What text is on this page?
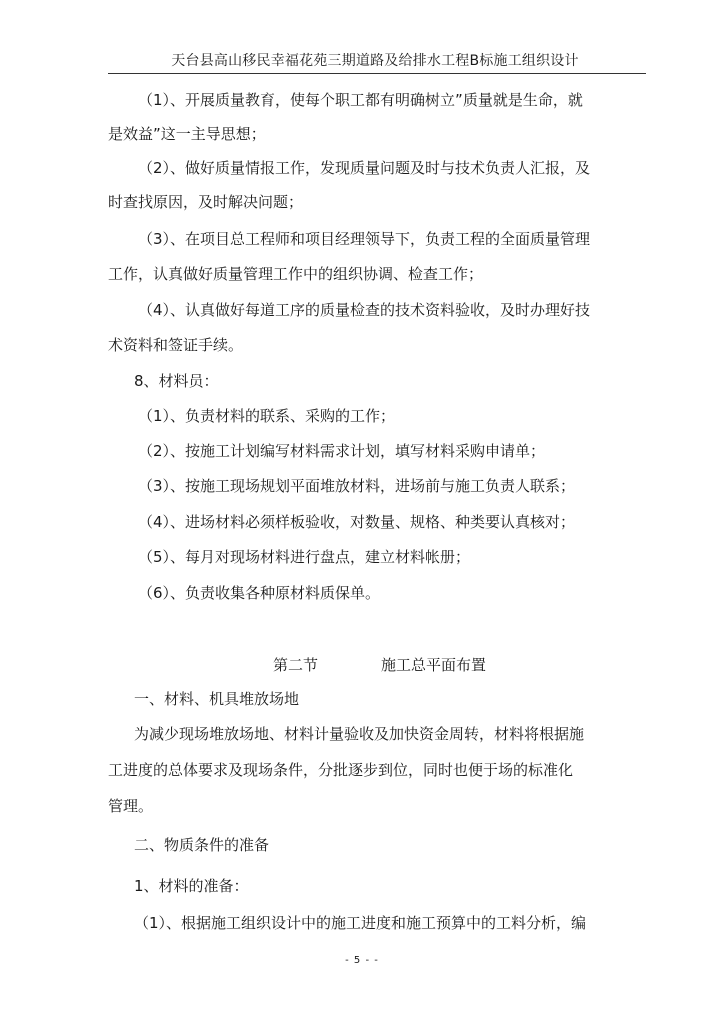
天台县高山移民幸福花苑三期道路及给排水工程B标施工组织设计
（1）、开展质量教育，使每个职工都有明确树立”质量就是生命，就
是效益”这一主导思想；
（2）、做好质量情报工作，发现质量问题及时与技术负责人汇报，及
时查找原因，及时解决问题；
（3）、在项目总工程师和项目经理领导下，负责工程的全面质量管理
工作，认真做好质量管理工作中的组织协调、检查工作；
（4）、认真做好每道工序的质量检查的技术资料验收，及时办理好技
术资料和签证手续。
8、材料员：
（1）、负责材料的联系、采购的工作；
（2）、按施工计划编写材料需求计划，填写材料采购申请单；
（3）、按施工现场规划平面堆放材料，进场前与施工负责人联系；
（4）、进场材料必须样板验收，对数量、规格、种类要认真核对；
（5）、每月对现场材料进行盘点，建立材料帐册；
（6）、负责收集各种原材料质保单。
第二节	施工总平面布置
一、材料、机具堆放场地
为减少现场堆放场地、材料计量验收及加快资金周转，材料将根据施
工进度的总体要求及现场条件，分批逐步到位，同时也便于场的标准化
管理。
二、物质条件的准备
1、材料的准备：
（1）、根据施工组织设计中的施工进度和施工预算中的工料分析，编
- 5 - -
